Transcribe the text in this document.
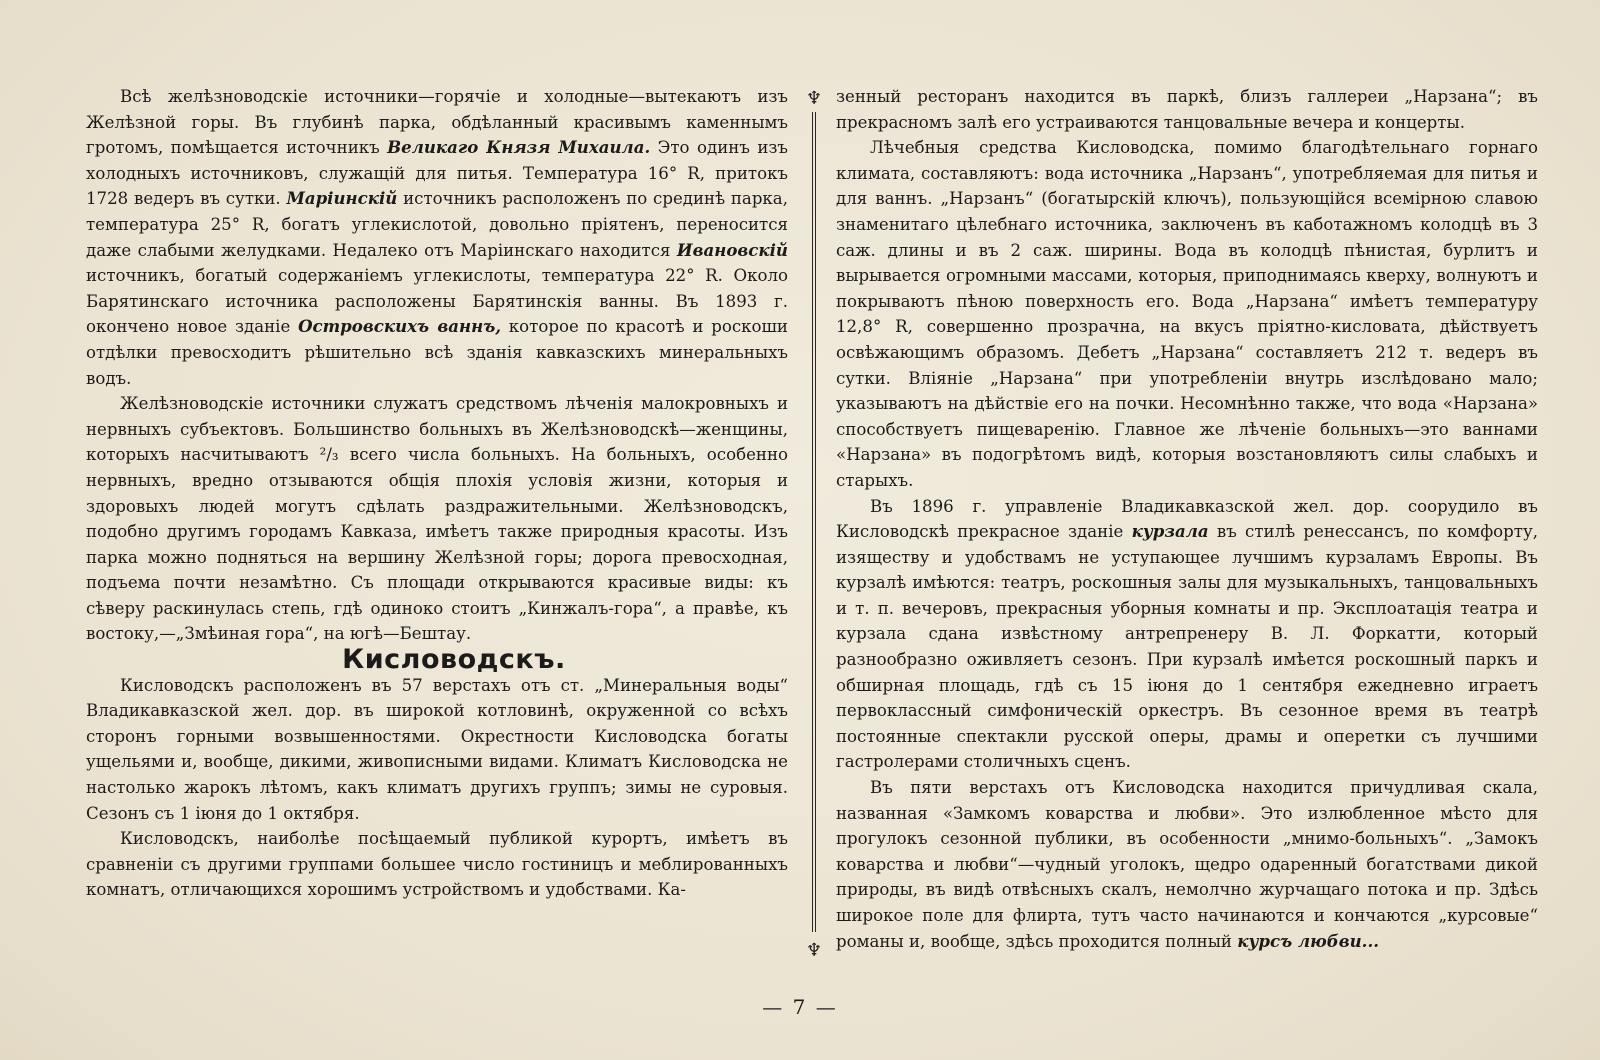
Всѣ желѣзноводскіе источники—горячіе и холодные—вытекаютъ изъ Желѣзной горы. Въ глубинѣ парка, обдѣланный красивымъ каменнымъ гротомъ, помѣщается источникъ Великаго Князя Михаила. Это одинъ изъ холодныхъ источниковъ, служащій для питья. Температура 16° R, притокъ 1728 ведеръ въ сутки. Маріинскій источникъ расположенъ по срединѣ парка, температура 25° R, богатъ углекислотой, довольно пріятенъ, переносится даже слабыми желудками. Недалеко отъ Маріинскаго находится Ивановскій источникъ, богатый содержаніемъ углекислоты, температура 22° R. Около Барятинскаго источника расположены Барятинскія ванны. Въ 1893 г. окончено новое зданіе Островскихъ ваннъ, которое по красотѣ и роскоши отдѣлки превосходитъ рѣшительно всѣ зданія кавказскихъ минеральныхъ водъ.

Желѣзноводскіе источники служатъ средствомъ лѣченія малокровныхъ и нервныхъ субъектовъ. Большинство больныхъ въ Желѣзноводскѣ—женщины, которыхъ насчитываютъ ²/₃ всего числа больныхъ. На больныхъ, особенно нервныхъ, вредно отзываются общія плохія условія жизни, которыя и здоровыхъ людей могутъ сдѣлать раздражительными. Желѣзноводскъ, подобно другимъ городамъ Кавказа, имѣетъ также природныя красоты. Изъ парка можно подняться на вершину Желѣзной горы; дорога превосходная, подъема почти незамѣтно. Съ площади открываются красивые виды: къ сѣверу раскинулась степь, гдѣ одиноко стоитъ „Кинжалъ-гора“, а правѣе, къ востоку,—„Змѣиная гора“, на югѣ—Бештау.

Кисловодскъ.

Кисловодскъ расположенъ въ 57 верстахъ отъ ст. „Минеральныя воды“ Владикавказской жел. дор. въ широкой котловинѣ, окруженной со всѣхъ сторонъ горными возвышенностями. Окрестности Кисловодска богаты ущельями и, вообще, дикими, живописными видами. Климатъ Кисловодска не настолько жарокъ лѣтомъ, какъ климатъ другихъ группъ; зимы не суровыя. Сезонъ съ 1 іюня до 1 октября.

Кисловодскъ, наиболѣе посѣщаемый публикой курортъ, имѣетъ въ сравненіи съ другими группами большее число гостиницъ и меблированныхъ комнатъ, отличающихся хорошимъ устройствомъ и удобствами. Ка-

♆
♆

зенный ресторанъ находится въ паркѣ, близъ галлереи „Нарзана“; въ прекрасномъ залѣ его устраиваются танцовальные вечера и концерты.

Лѣчебныя средства Кисловодска, помимо благодѣтельнаго горнаго климата, составляютъ: вода источника „Нарзанъ“, употребляемая для питья и для ваннъ. „Нарзанъ“ (богатырскій ключъ), пользующійся всемірною славою знаменитаго цѣлебнаго источника, заключенъ въ каботажномъ колодцѣ въ 3 саж. длины и въ 2 саж. ширины. Вода въ колодцѣ пѣнистая, бурлитъ и вырывается огромными массами, которыя, приподнимаясь кверху, волнуютъ и покрываютъ пѣною поверхность его. Вода „Нарзана“ имѣетъ температуру 12,8° R, совершенно прозрачна, на вкусъ пріятно-кисловата, дѣйствуетъ освѣжающимъ образомъ. Дебетъ „Нарзана“ составляетъ 212 т. ведеръ въ сутки. Вліяніе „Нарзана“ при употребленіи внутрь изслѣдовано мало; указываютъ на дѣйствіе его на почки. Несомнѣнно также, что вода «Нарзана» способствуетъ пищеваренію. Главное же лѣченіе больныхъ—это ваннами «Нарзана» въ подогрѣтомъ видѣ, которыя возстановляютъ силы слабыхъ и старыхъ.

Въ 1896 г. управленіе Владикавказской жел. дор. соорудило въ Кисловодскѣ прекрасное зданіе курзала въ стилѣ ренессансъ, по комфорту, изяществу и удобствамъ не уступающее лучшимъ курзаламъ Европы. Въ курзалѣ имѣются: театръ, роскошныя залы для музыкальныхъ, танцовальныхъ и т. п. вечеровъ, прекрасныя уборныя комнаты и пр. Эксплоатація театра и курзала сдана извѣстному антрепренеру В. Л. Форкатти, который разнообразно оживляетъ сезонъ. При курзалѣ имѣется роскошный паркъ и обширная площадь, гдѣ съ 15 іюня до 1 сентября ежедневно играетъ первоклассный симфоническій оркестръ. Въ сезонное время въ театрѣ постоянные спектакли русской оперы, драмы и оперетки съ лучшими гастролерами столичныхъ сценъ.

Въ пяти верстахъ отъ Кисловодска находится причудливая скала, названная «Замкомъ коварства и любви». Это излюбленное мѣсто для прогулокъ сезонной публики, въ особенности „мнимо-больныхъ“. „Замокъ коварства и любви“—чудный уголокъ, щедро одаренный богатствами дикой природы, въ видѣ отвѣсныхъ скалъ, немолчно журчащаго потока и пр. Здѣсь широкое поле для флирта, тутъ часто начинаются и кончаются „курсовые“ романы и, вообще, здѣсь проходится полный курсъ любви...

— 7 —
